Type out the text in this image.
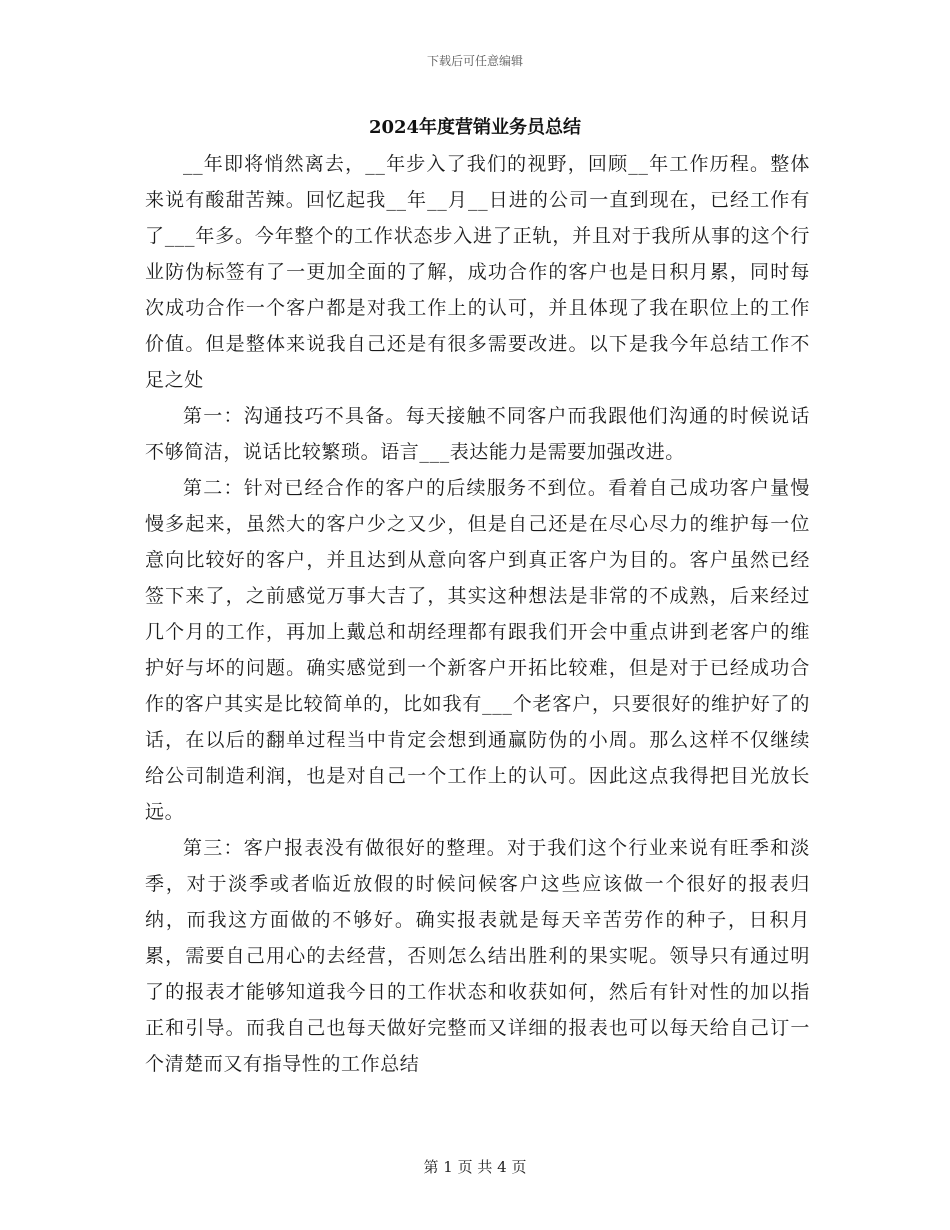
下载后可任意编辑
2024年度营销业务员总结

__年即将悄然离去，__年步入了我们的视野，回顾__年工作历程。整体来说有酸甜苦辣。回忆起我__年__月__日进的公司一直到现在，已经工作有了___年多。今年整个的工作状态步入进了正轨，并且对于我所从事的这个行业防伪标签有了一更加全面的了解，成功合作的客户也是日积月累，同时每次成功合作一个客户都是对我工作上的认可，并且体现了我在职位上的工作价值。但是整体来说我自己还是有很多需要改进。以下是我今年总结工作不足之处

第一：沟通技巧不具备。每天接触不同客户而我跟他们沟通的时候说话不够简洁，说话比较繁琐。语言___表达能力是需要加强改进。

第二：针对已经合作的客户的后续服务不到位。看着自己成功客户量慢慢多起来，虽然大的客户少之又少，但是自己还是在尽心尽力的维护每一位意向比较好的客户，并且达到从意向客户到真正客户为目的。客户虽然已经签下来了，之前感觉万事大吉了，其实这种想法是非常的不成熟，后来经过几个月的工作，再加上戴总和胡经理都有跟我们开会中重点讲到老客户的维护好与坏的问题。确实感觉到一个新客户开拓比较难，但是对于已经成功合作的客户其实是比较简单的，比如我有___个老客户，只要很好的维护好了的话，在以后的翻单过程当中肯定会想到通赢防伪的小周。那么这样不仅继续给公司制造利润，也是对自己一个工作上的认可。因此这点我得把目光放长远。

第三：客户报表没有做很好的整理。对于我们这个行业来说有旺季和淡季，对于淡季或者临近放假的时候问候客户这些应该做一个很好的报表归纳，而我这方面做的不够好。确实报表就是每天辛苦劳作的种子，日积月累，需要自己用心的去经营，否则怎么结出胜利的果实呢。领导只有通过明了的报表才能够知道我今日的工作状态和收获如何，然后有针对性的加以指正和引导。而我自己也每天做好完整而又详细的报表也可以每天给自己订一个清楚而又有指导性的工作总结

第 1 页 共 4 页
